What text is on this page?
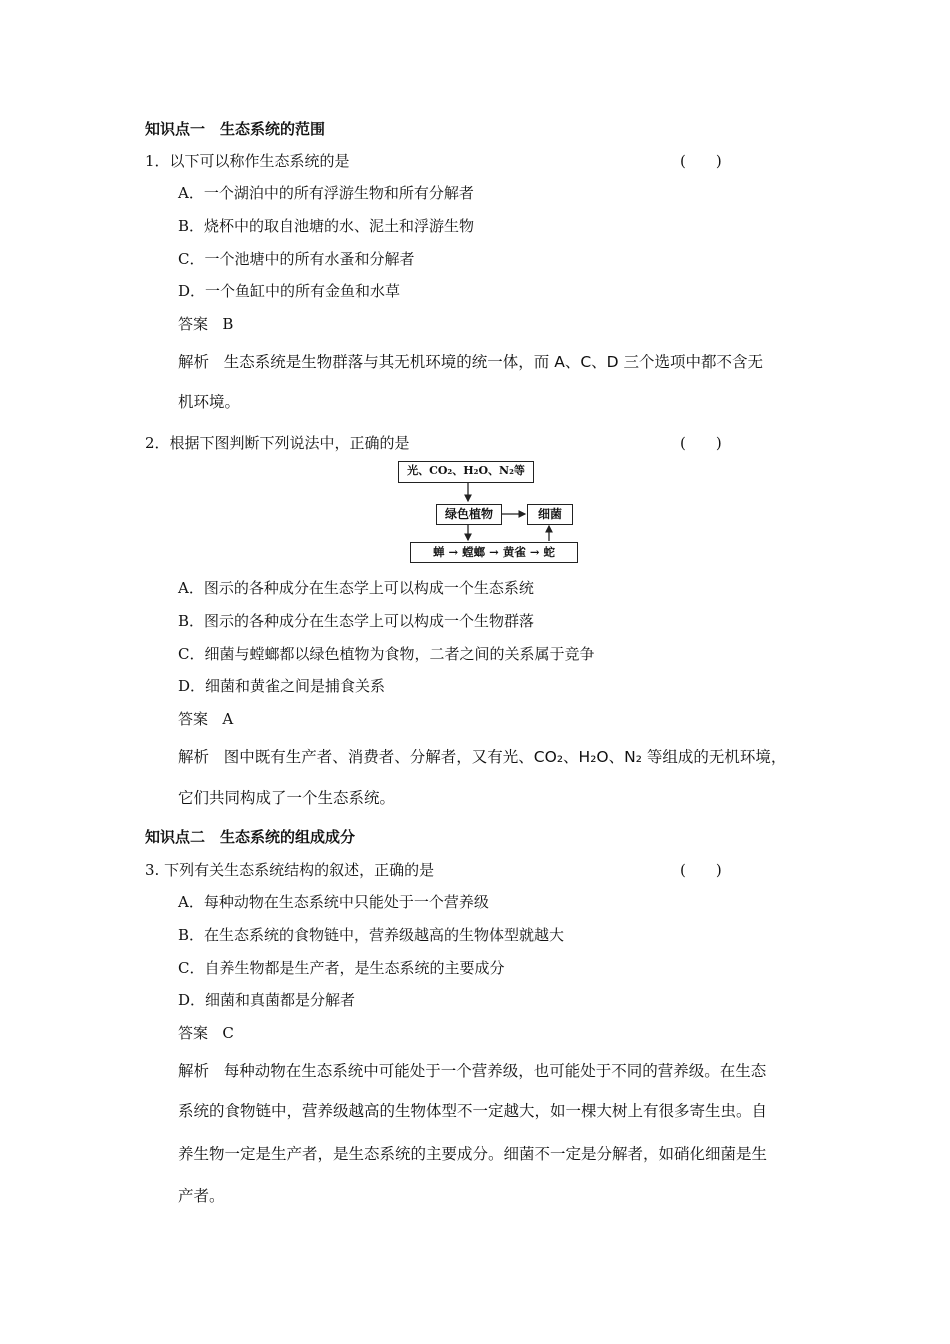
知识点一　生态系统的范围
1．以下可以称作生态系统的是	(　　)
A．一个湖泊中的所有浮游生物和所有分解者
B．烧杯中的取自池塘的水、泥土和浮游生物
C．一个池塘中的所有水蚤和分解者
D．一个鱼缸中的所有金鱼和水草
答案 B
解析 生态系统是生物群落与其无机环境的统一体，而 A、C、D 三个选项中都不含无
机环境。
2．根据下图判断下列说法中，正确的是	(　　)
光、CO₂、H₂O、N₂等
绿色植物	细菌
蝉 → 螳螂 → 黄雀 → 蛇
A．图示的各种成分在生态学上可以构成一个生态系统
B．图示的各种成分在生态学上可以构成一个生物群落
C．细菌与螳螂都以绿色植物为食物，二者之间的关系属于竞争
D．细菌和黄雀之间是捕食关系
答案 A
解析 图中既有生产者、消费者、分解者，又有光、CO₂、H₂O、N₂ 等组成的无机环境，
它们共同构成了一个生态系统。
知识点二　生态系统的组成成分
3. 下列有关生态系统结构的叙述，正确的是	(　　)
A．每种动物在生态系统中只能处于一个营养级
B．在生态系统的食物链中，营养级越高的生物体型就越大
C．自养生物都是生产者，是生态系统的主要成分
D．细菌和真菌都是分解者
答案 C
解析 每种动物在生态系统中可能处于一个营养级，也可能处于不同的营养级。在生态
系统的食物链中，营养级越高的生物体型不一定越大，如一棵大树上有很多寄生虫。自
养生物一定是生产者，是生态系统的主要成分。细菌不一定是分解者，如硝化细菌是生
产者。
